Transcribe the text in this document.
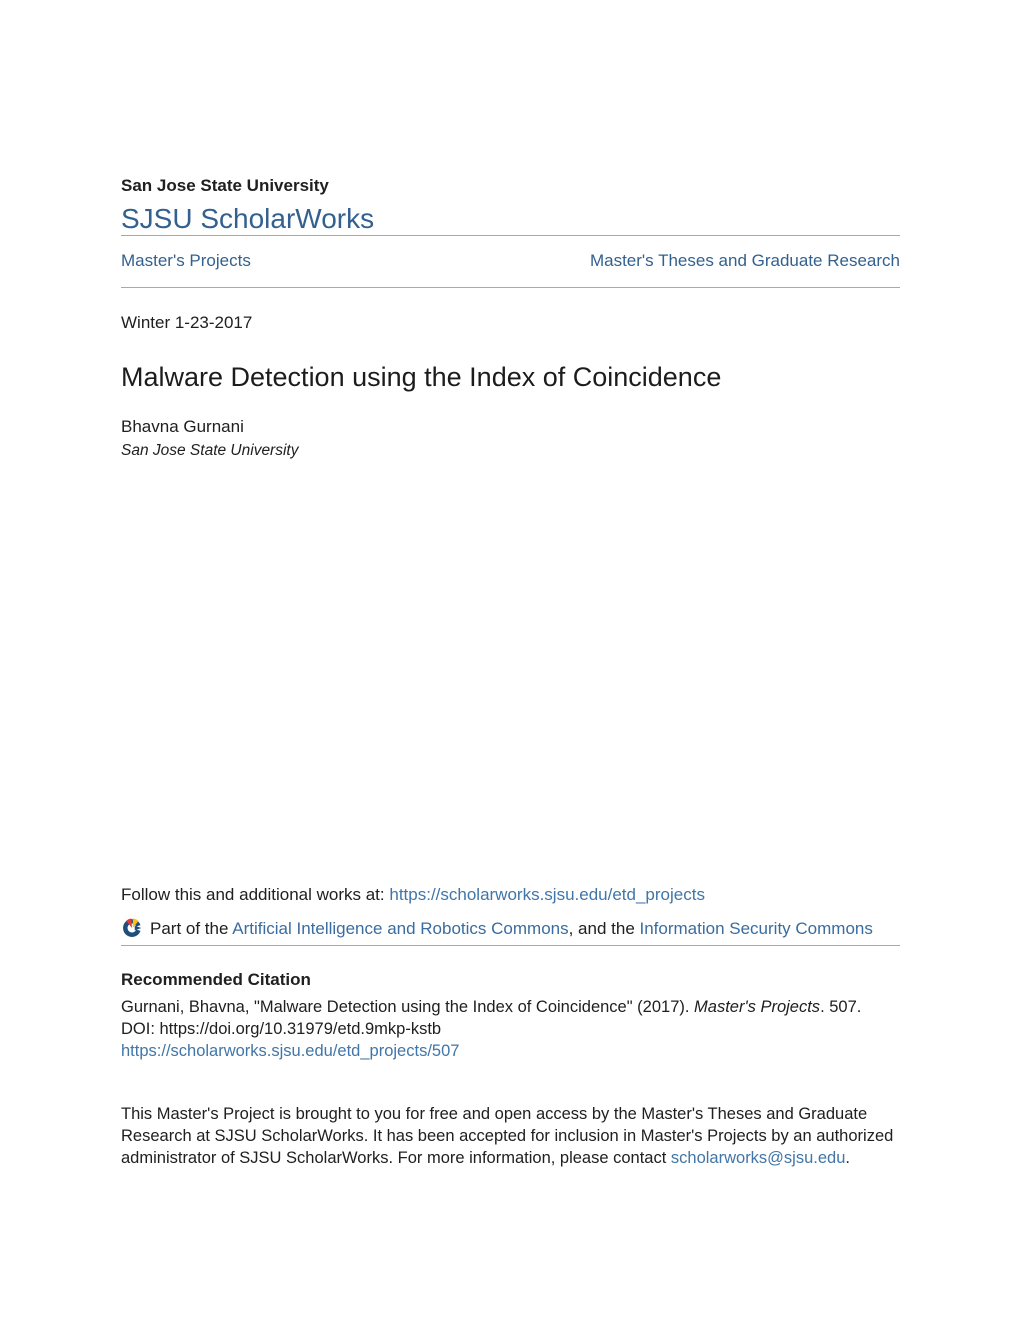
San Jose State University
SJSU ScholarWorks
Master's Projects	Master's Theses and Graduate Research
Winter 1-23-2017
Malware Detection using the Index of Coincidence
Bhavna Gurnani
San Jose State University

Follow this and additional works at: https://scholarworks.sjsu.edu/etd_projects

Part of the Artificial Intelligence and Robotics Commons, and the Information Security Commons

Recommended Citation

Gurnani, Bhavna, "Malware Detection using the Index of Coincidence" (2017). Master's Projects. 507.
DOI: https://doi.org/10.31979/etd.9mkp-kstb
https://scholarworks.sjsu.edu/etd_projects/507

This Master's Project is brought to you for free and open access by the Master's Theses and Graduate Research at SJSU ScholarWorks. It has been accepted for inclusion in Master's Projects by an authorized administrator of SJSU ScholarWorks. For more information, please contact scholarworks@sjsu.edu.
